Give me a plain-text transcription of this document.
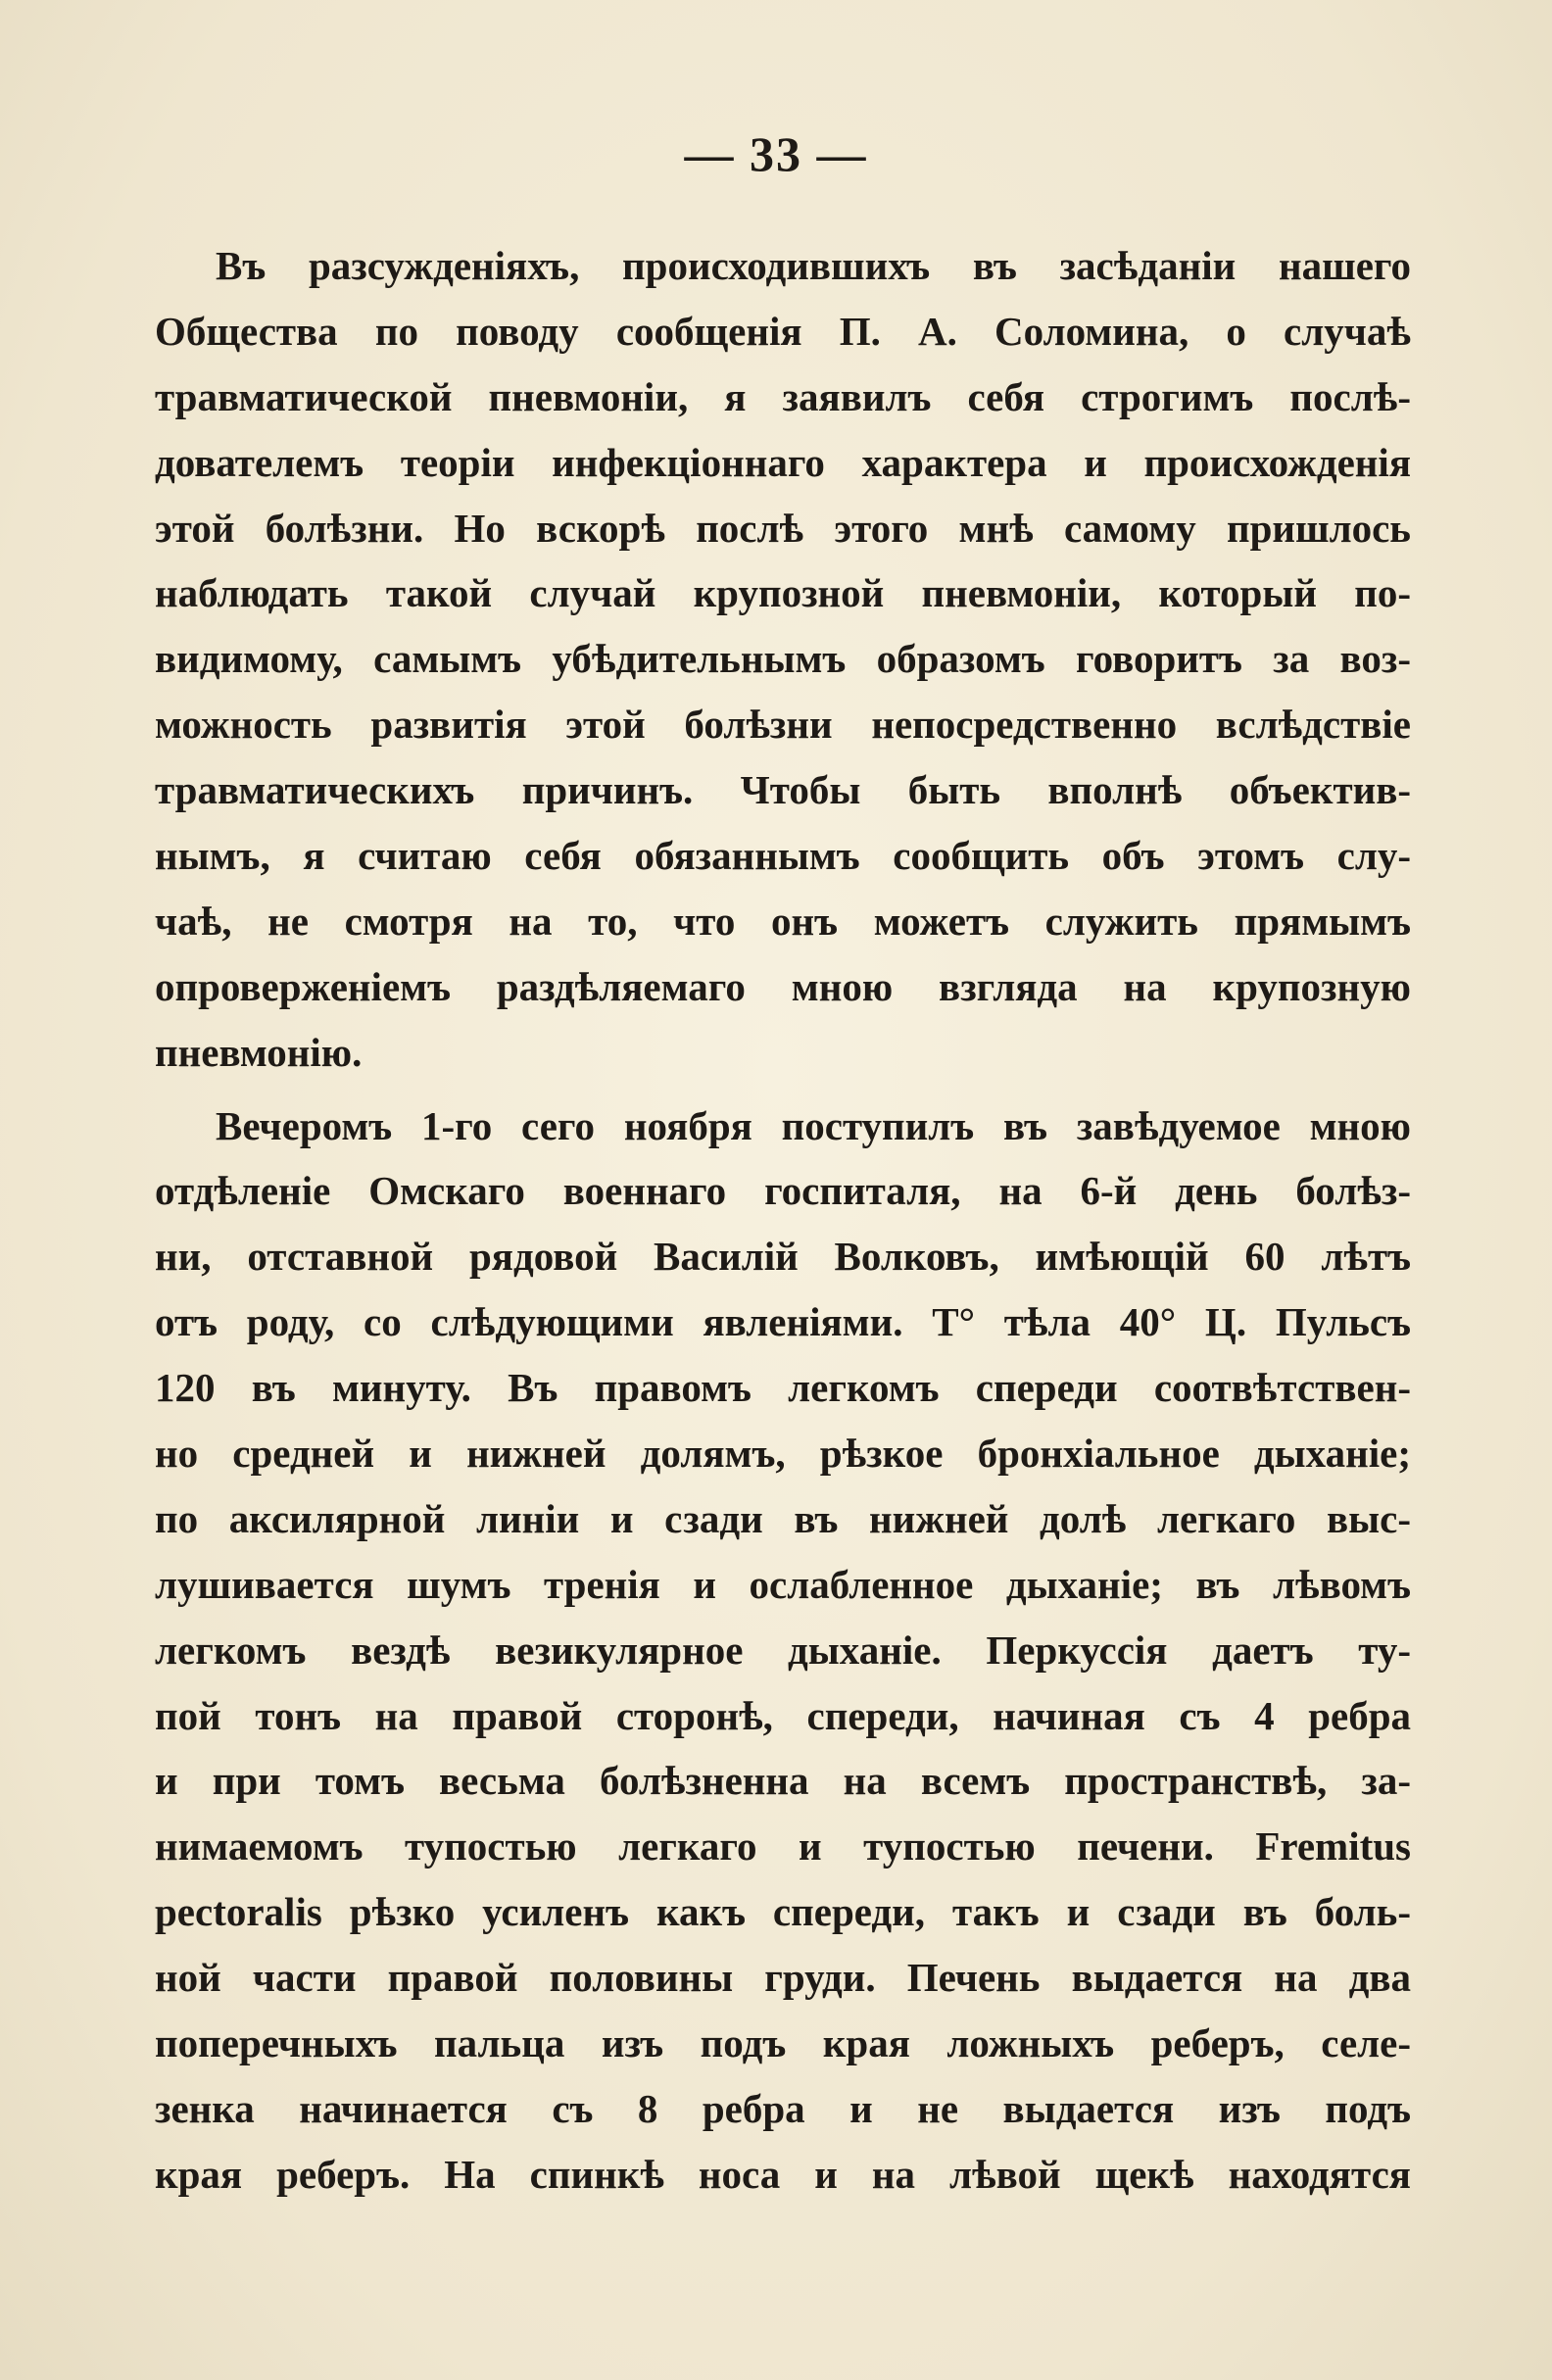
— 33 —
Въ разсужденіяхъ, происходившихъ въ засѣданіи нашего
Общества по поводу сообщенія П. А. Соломина, о случаѣ
травматической пневмоніи, я заявилъ себя строгимъ послѣ-
дователемъ теоріи инфекціоннаго характера и происхожденія
этой болѣзни. Но вскорѣ послѣ этого мнѣ самому пришлось
наблюдать такой случай крупозной пневмоніи, который по-
видимому, самымъ убѣдительнымъ образомъ говоритъ за воз-
можность развитія этой болѣзни непосредственно вслѣдствіе
травматическихъ причинъ. Чтобы быть вполнѣ объектив-
нымъ, я считаю себя обязаннымъ сообщить объ этомъ слу-
чаѣ, не смотря на то, что онъ можетъ служить прямымъ
опроверженіемъ раздѣляемаго мною взгляда на крупозную
пневмонію.
Вечеромъ 1-го сего ноября поступилъ въ завѣдуемое мною
отдѣленіе Омскаго военнаго госпиталя, на 6-й день болѣз-
ни, отставной рядовой Василій Волковъ, имѣющій 60 лѣтъ
отъ роду, со слѣдующими явленіями. T° тѣла 40° Ц. Пульсъ
120 въ минуту. Въ правомъ легкомъ спереди соотвѣтствен-
но средней и нижней долямъ, рѣзкое бронхіальное дыханіе;
по аксилярной линіи и сзади въ нижней долѣ легкаго выс-
лушивается шумъ тренія и ослабленное дыханіе; въ лѣвомъ
легкомъ вездѣ везикулярное дыханіе. Перкуссія даетъ ту-
пой тонъ на правой сторонѣ, спереди, начиная съ 4 ребра
и при томъ весьма болѣзненна на всемъ пространствѣ, за-
нимаемомъ тупостью легкаго и тупостью печени. Fremitus
pectoralis рѣзко усиленъ какъ спереди, такъ и сзади въ боль-
ной части правой половины груди. Печень выдается на два
поперечныхъ пальца изъ подъ края ложныхъ реберъ, селе-
зенка начинается съ 8 ребра и не выдается изъ подъ
края реберъ. На спинкѣ носа и на лѣвой щекѣ находятся
